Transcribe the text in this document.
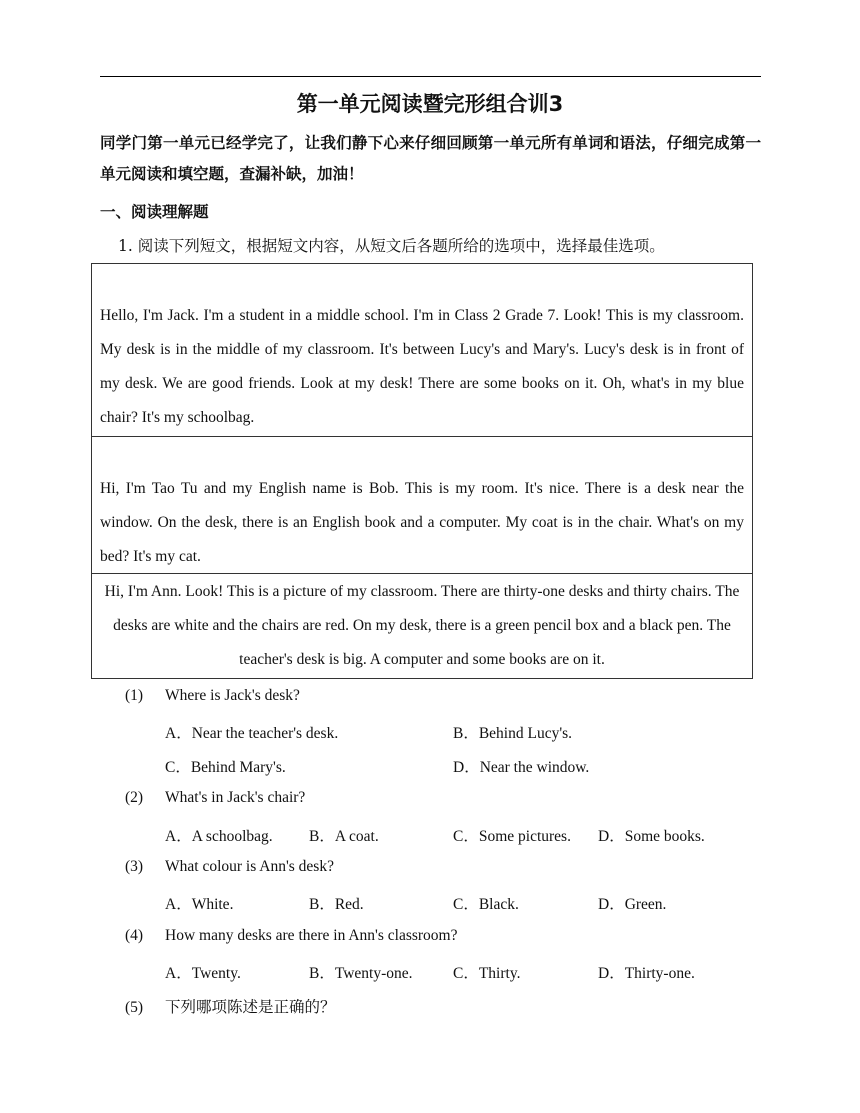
第一单元阅读暨完形组合训3
同学门第一单元已经学完了，让我们静下心来仔细回顾第一单元所有单词和语法，仔细完成第一单元阅读和填空题，查漏补缺，加油！
一、阅读理解题
1. 阅读下列短文，根据短文内容，从短文后各题所给的选项中，选择最佳选项。
Hello, I'm Jack. I'm a student in a middle school. I'm in Class 2 Grade 7. Look! This is my classroom. My desk is in the middle of my classroom. It's between Lucy's and Mary's. Lucy's desk is in front of my desk. We are good friends. Look at my desk! There are some books on it. Oh, what's in my blue chair? It's my schoolbag.
Hi, I'm Tao Tu and my English name is Bob. This is my room. It's nice. There is a desk near the window. On the desk, there is an English book and a computer. My coat is in the chair. What's on my bed? It's my cat.
Hi, I'm Ann. Look! This is a picture of my classroom. There are thirty-one desks and thirty chairs. The desks are white and the chairs are red. On my desk, there is a green pencil box and a black pen. The teacher's desk is big. A computer and some books are on it.
(1) Where is Jack's desk?
A．Near the teacher's desk.	B．Behind Lucy's.
C．Behind Mary's.	D．Near the window.
(2) What's in Jack's chair?
A．A schoolbag. B．A coat.	C．Some pictures. D．Some books.
(3) What colour is Ann's desk?
A．White.	B．Red.	C．Black.	D．Green.
(4) How many desks are there in Ann's classroom?
A．Twenty.	B．Twenty-one.	C．Thirty.	D．Thirty-one.
(5) 下列哪项陈述是正确的？
